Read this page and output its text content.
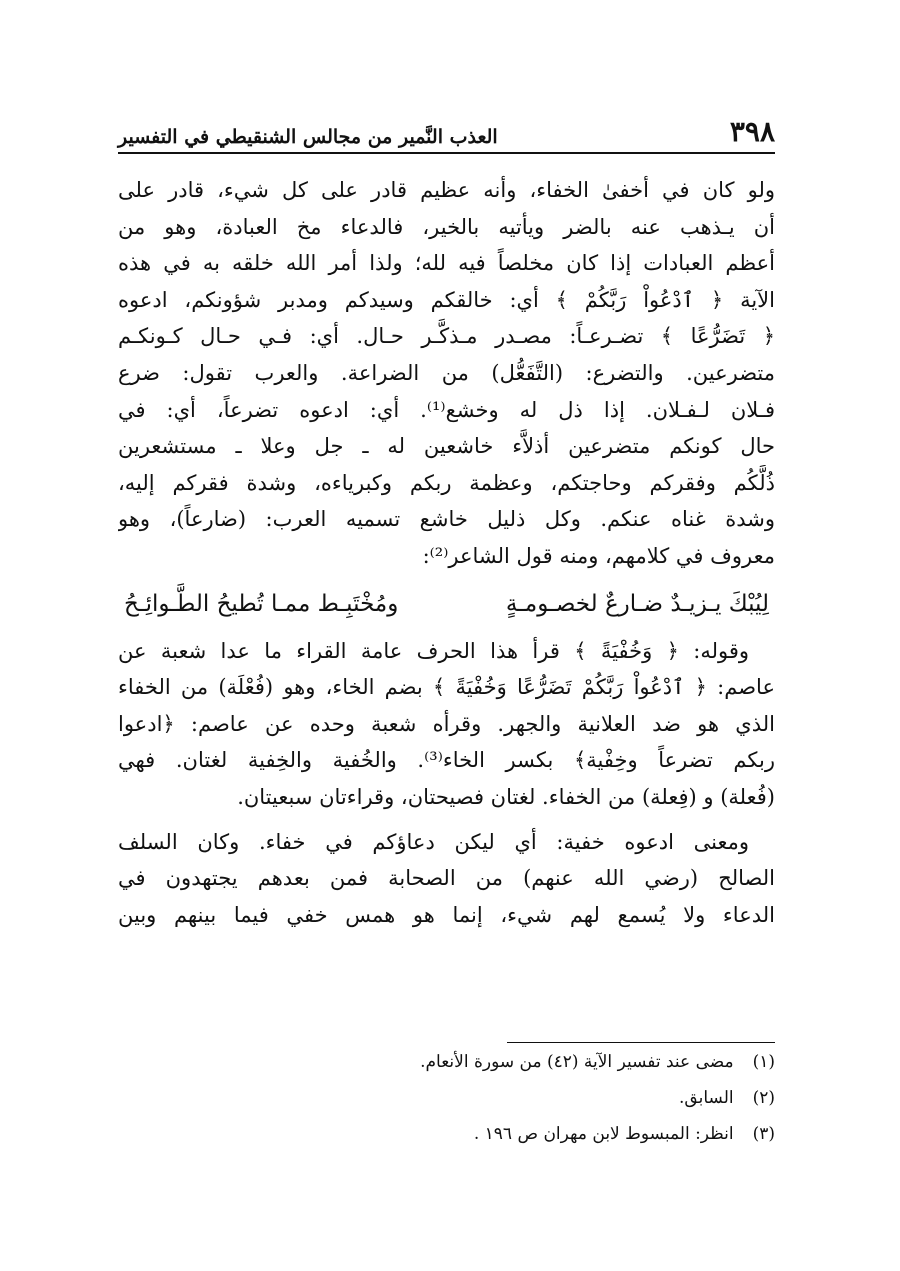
٣٩٨
العذب النَّمير من مجالس الشنقيطي في التفسير
ولو كان في أخفىٰ الخفاء، وأنه عظيم قادر على كل شيء، قادر على
أن يـذهب عنه بالضر ويأتيه بالخير، فالدعاء مخ العبادة، وهو من
أعظم العبادات إذا كان مخلصاً فيه لله؛ ولذا أمر الله خلقه به في هذه
الآية ﴿ ٱدْعُواْ رَبَّكُمْ ﴾ أي: خالقكم وسيدكم ومدبر شؤونكم، ادعوه
﴿ تَضَرُّعًا ﴾ تضـرعـاً: مصـدر مـذكَّـر حـال. أي: فـي حـال كـونكـم
متضرعين. والتضرع: (التَّفَعُّل) من الضراعة. والعرب تقول: ضرع
فـلان لـفـلان. إذا ذل له وخشع⁽¹⁾. أي: ادعوه تضرعاً، أي: في
حال كونكم متضرعين أذلاَّء خاشعين له ـ جل وعلا ـ مستشعرين
ذُلَّكُم وفقركم وحاجتكم، وعظمة ربكم وكبرياءه، وشدة فقركم إليه،
وشدة غناه عنكم. وكل ذليل خاشع تسميه العرب: (ضارعاً)، وهو
معروف في كلامهم، ومنه قول الشاعر⁽²⁾:
لِيُبْكَ يـزيـدٌ ضـارعٌ لخصـومـةٍ
ومُخْتَبِـط ممـا تُطيحُ الطَّـوائِـحُ
وقوله: ﴿ وَخُفْيَةً ﴾ قرأ هذا الحرف عامة القراء ما عدا شعبة عن
عاصم: ﴿ ٱدْعُواْ رَبَّكُمْ تَضَرُّعًا وَخُفْيَةً ﴾ بضم الخاء، وهو (فُعْلَة) من الخفاء
الذي هو ضد العلانية والجهر. وقرأه شعبة وحده عن عاصم: ﴿ادعوا
ربكم تضرعاً وخِفْية﴾ بكسر الخاء⁽³⁾. والخُفية والخِفية لغتان. فهي
(فُعلة) و (فِعلة) من الخفاء. لغتان فصيحتان، وقراءتان سبعيتان.
ومعنى ادعوه خفية: أي ليكن دعاؤكم في خفاء. وكان السلف
الصالح (رضي الله عنهم) من الصحابة فمن بعدهم يجتهدون في
الدعاء ولا يُسمع لهم شيء، إنما هو همس خفي فيما بينهم وبين
(١) مضى عند تفسير الآية (٤٢) من سورة الأنعام.
(٢) السابق.
(٣) انظر: المبسوط لابن مهران ص ١٩٦ .
